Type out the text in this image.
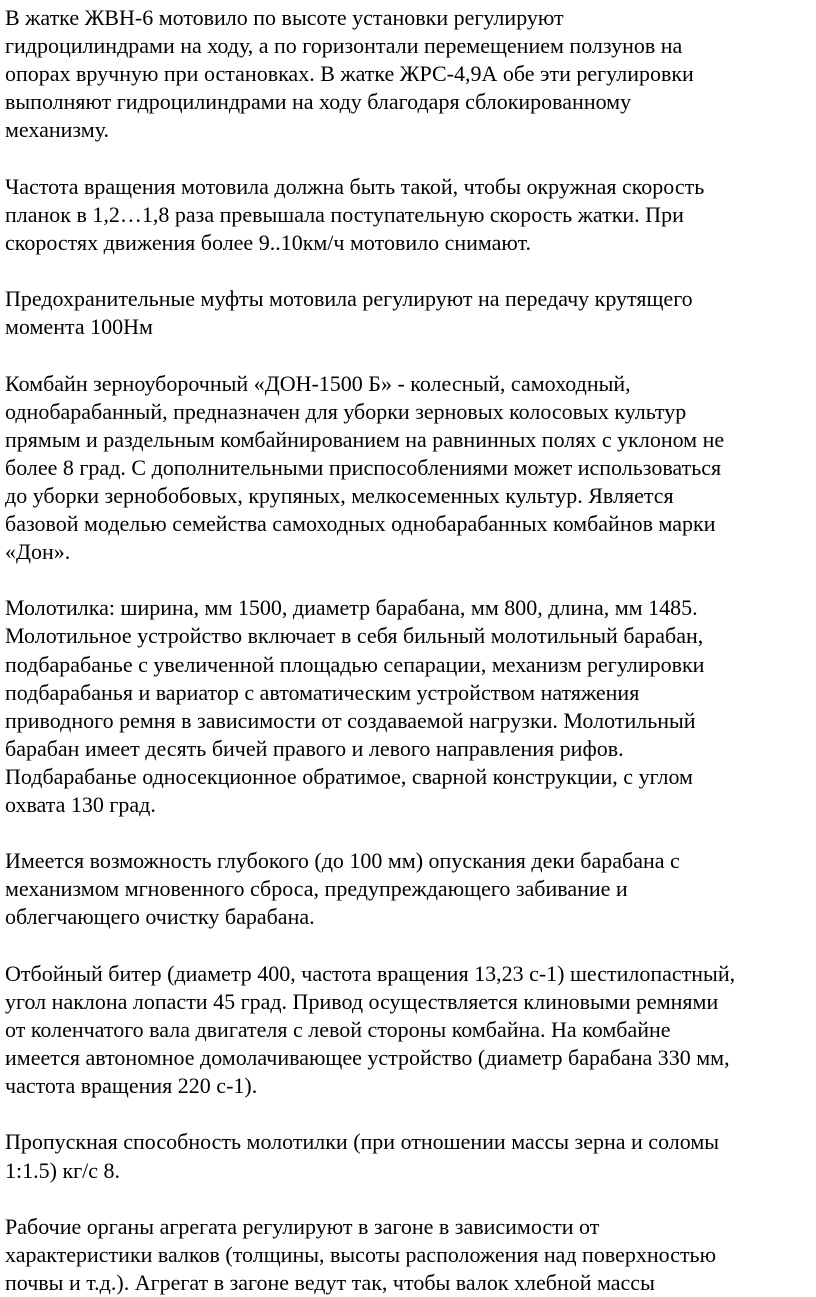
В жатке ЖВН-6 мотовило по высоте установки регулируют
гидроцилиндрами на ходу, а по горизонтали перемещением ползунов на
опорах вручную при остановках. В жатке ЖРС-4,9А обе эти регулировки
выполняют гидроцилиндрами на ходу благодаря сблокированному
механизму.

Частота вращения мотовила должна быть такой, чтобы окружная скорость
планок в 1,2…1,8 раза превышала поступательную скорость жатки. При
скоростях движения более 9..10км/ч мотовило снимают.

Предохранительные муфты мотовила регулируют на передачу крутящего
момента 100Нм

Комбайн зерноуборочный «ДОН-1500 Б» - колесный, самоходный,
однобарабанный, предназначен для уборки зерновых колосовых культур
прямым и раздельным комбайнированием на равнинных полях с уклоном не
более 8 град. С дополнительными приспособлениями может использоваться
до уборки зернобобовых, крупяных, мелкосеменных культур. Является
базовой моделью семейства самоходных однобарабанных комбайнов марки
«Дон».

Молотилка: ширина, мм 1500, диаметр барабана, мм 800, длина, мм 1485.
Молотильное устройство включает в себя бильный молотильный барабан,
подбарабанье с увеличенной площадью сепарации, механизм регулировки
подбарабанья и вариатор с автоматическим устройством натяжения
приводного ремня в зависимости от создаваемой нагрузки. Молотильный
барабан имеет десять бичей правого и левого направления рифов.
Подбарабанье односекционное обратимое, сварной конструкции, с углом
охвата 130 град.

Имеется возможность глубокого (до 100 мм) опускания деки барабана с
механизмом мгновенного сброса, предупреждающего забивание и
облегчающего очистку барабана.

Отбойный битер (диаметр 400, частота вращения 13,23 с-1) шестилопастный,
угол наклона лопасти 45 град. Привод осуществляется клиновыми ремнями
от коленчатого вала двигателя с левой стороны комбайна. На комбайне
имеется автономное домолачивающее устройство (диаметр барабана 330 мм,
частота вращения 220 с-1).

Пропускная способность молотилки (при отношении массы зерна и соломы
1:1.5) кг/с 8.

Рабочие органы агрегата регулируют в загоне в зависимости от
характеристики валков (толщины, высоты расположения над поверхностью
почвы и т.д.). Агрегат в загоне ведут так, чтобы валок хлебной массы
